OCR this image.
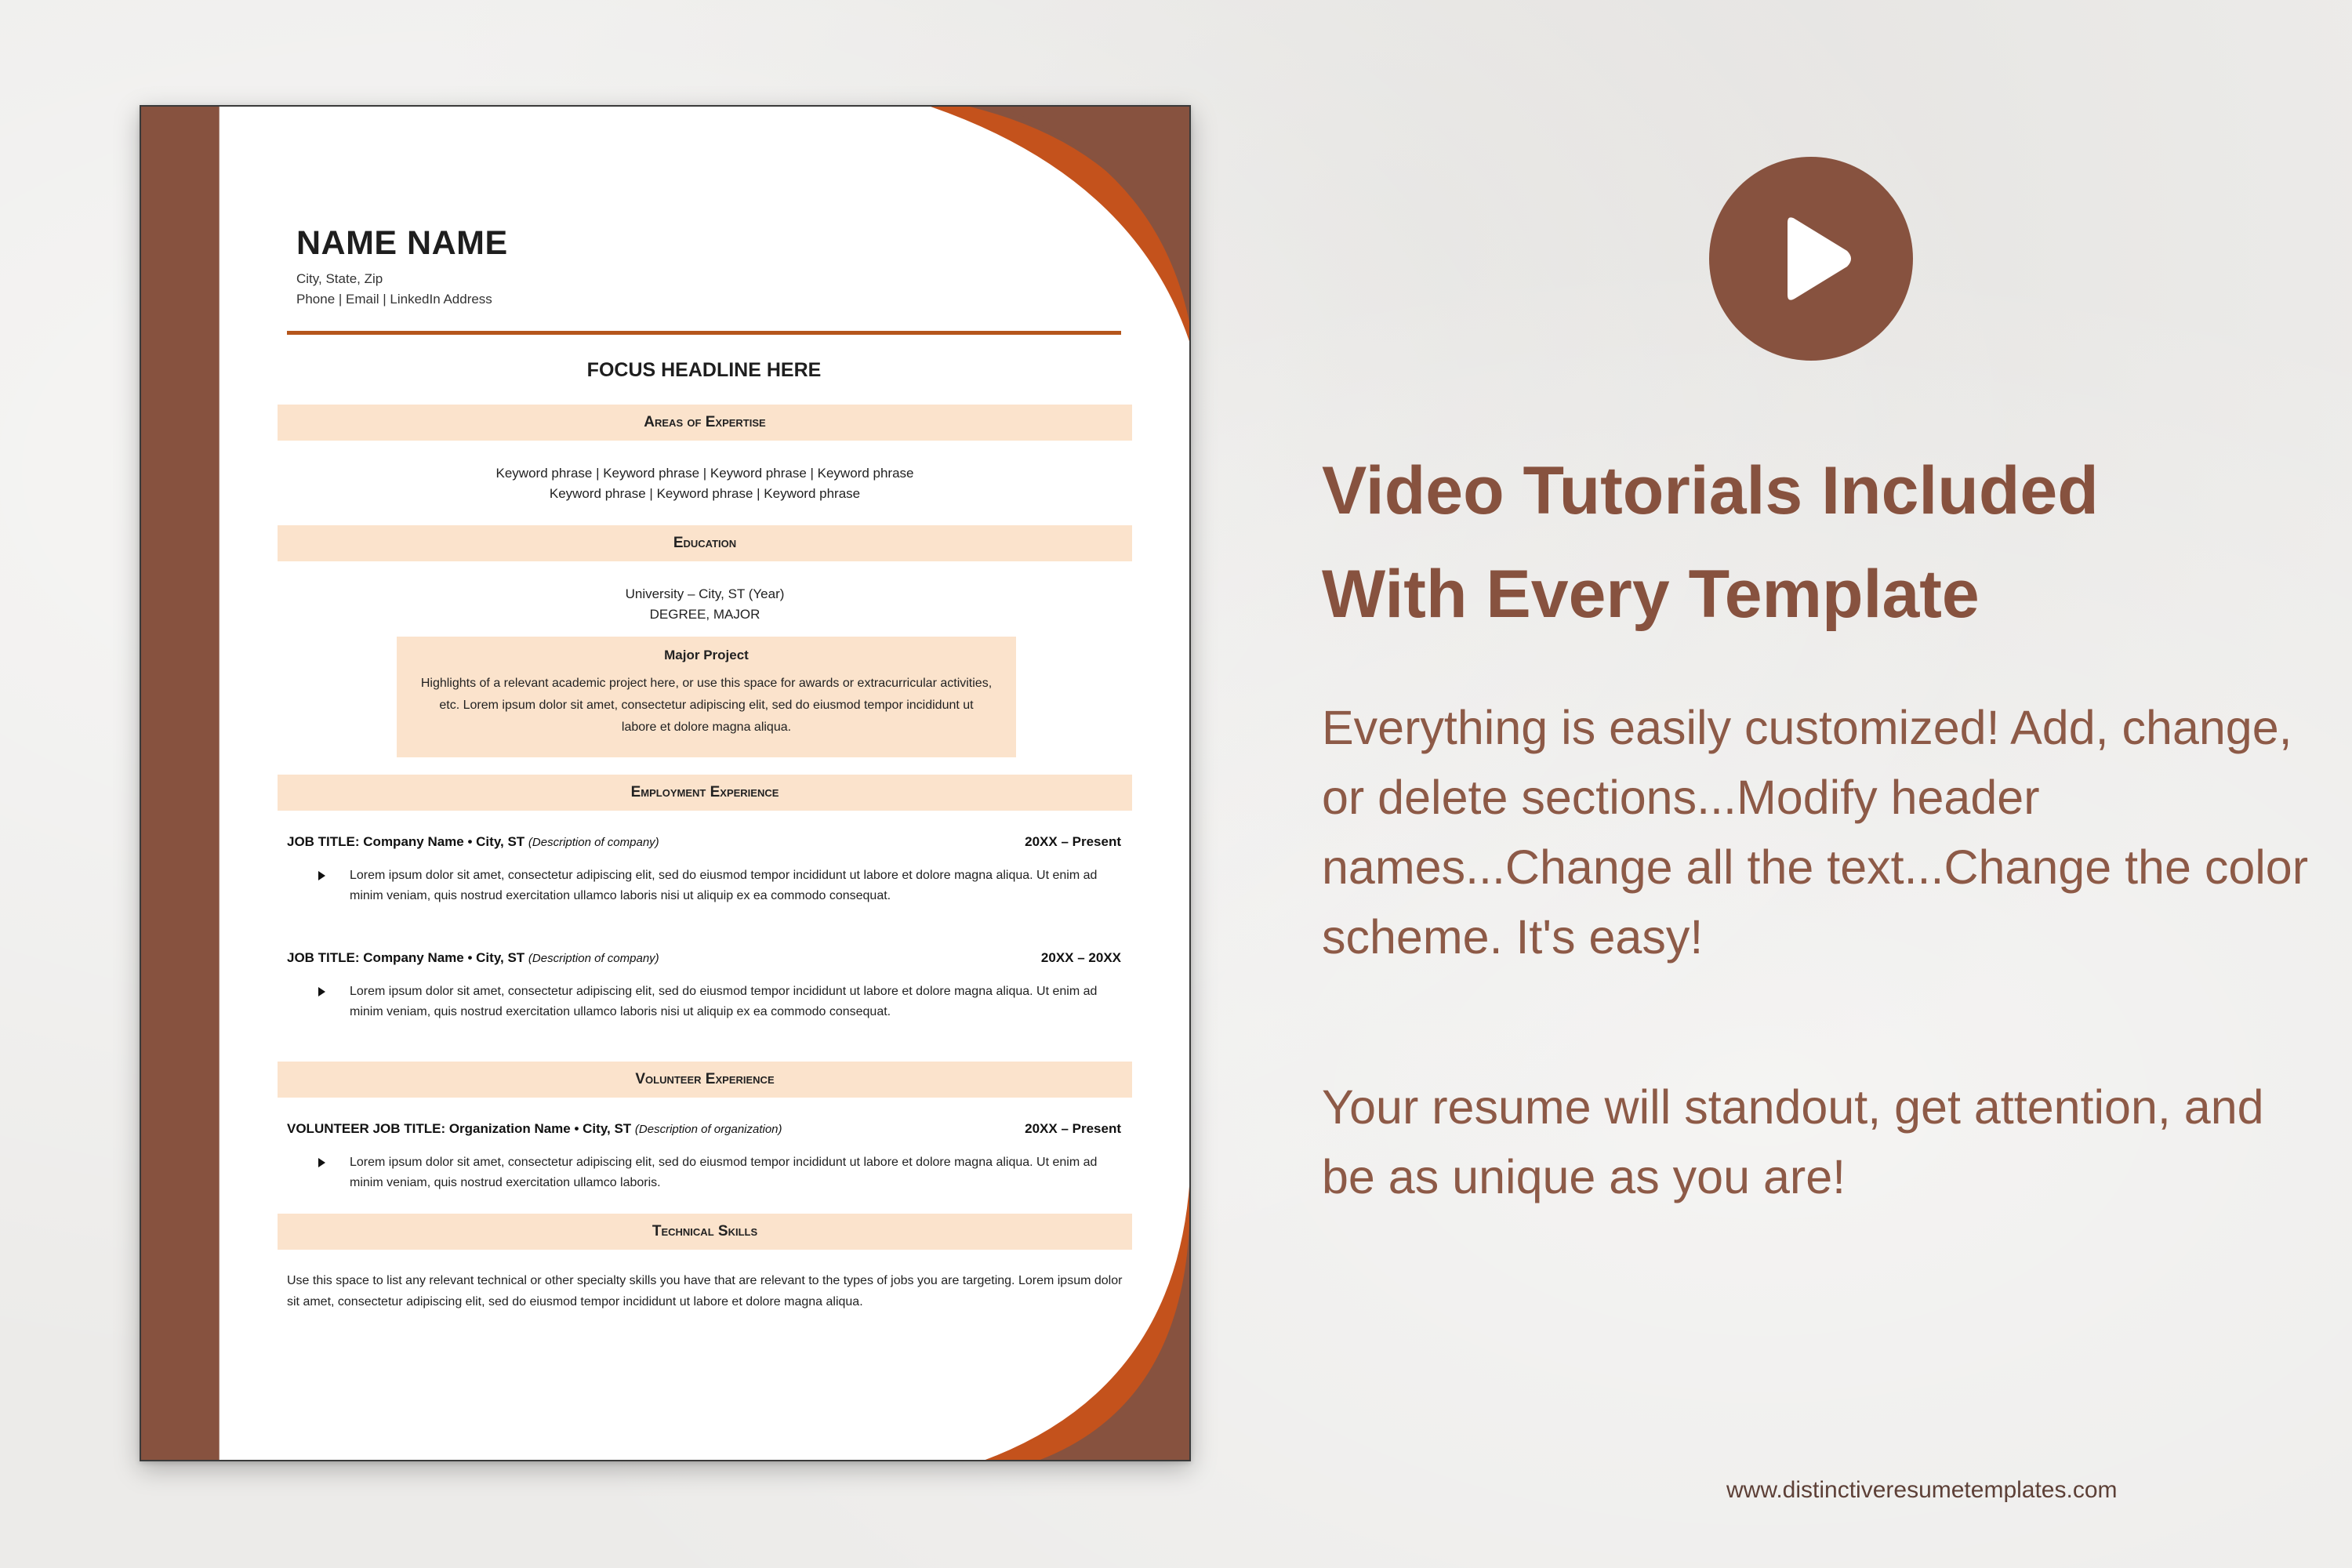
NAME NAME
City, State, Zip
Phone | Email | LinkedIn Address
FOCUS HEADLINE HERE
Areas of Expertise
Keyword phrase | Keyword phrase | Keyword phrase | Keyword phrase
Keyword phrase | Keyword phrase | Keyword phrase
Education
University – City, ST (Year)
DEGREE, MAJOR
Major Project
Highlights of a relevant academic project here, or use this space for awards or extracurricular activities, etc. Lorem ipsum dolor sit amet, consectetur adipiscing elit, sed do eiusmod tempor incididunt ut labore et dolore magna aliqua.
Employment Experience
JOB TITLE: Company Name • City, ST (Description of company)	20XX – Present
Lorem ipsum dolor sit amet, consectetur adipiscing elit, sed do eiusmod tempor incididunt ut labore et dolore magna aliqua. Ut enim ad minim veniam, quis nostrud exercitation ullamco laboris nisi ut aliquip ex ea commodo consequat.
JOB TITLE: Company Name • City, ST (Description of company)	20XX – 20XX
Lorem ipsum dolor sit amet, consectetur adipiscing elit, sed do eiusmod tempor incididunt ut labore et dolore magna aliqua. Ut enim ad minim veniam, quis nostrud exercitation ullamco laboris nisi ut aliquip ex ea commodo consequat.
Volunteer Experience
VOLUNTEER JOB TITLE: Organization Name • City, ST (Description of organization)	20XX – Present
Lorem ipsum dolor sit amet, consectetur adipiscing elit, sed do eiusmod tempor incididunt ut labore et dolore magna aliqua. Ut enim ad minim veniam, quis nostrud exercitation ullamco laboris.
Technical Skills
Use this space to list any relevant technical or other specialty skills you have that are relevant to the types of jobs you are targeting. Lorem ipsum dolor sit amet, consectetur adipiscing elit, sed do eiusmod tempor incididunt ut labore et dolore magna aliqua.
Video Tutorials Included
With Every Template
Everything is easily customized! Add, change, or delete sections...Modify header names...Change all the text...Change the color scheme. It's easy!
Your resume will standout, get attention, and be as unique as you are!
www.distinctiveresumetemplates.com
